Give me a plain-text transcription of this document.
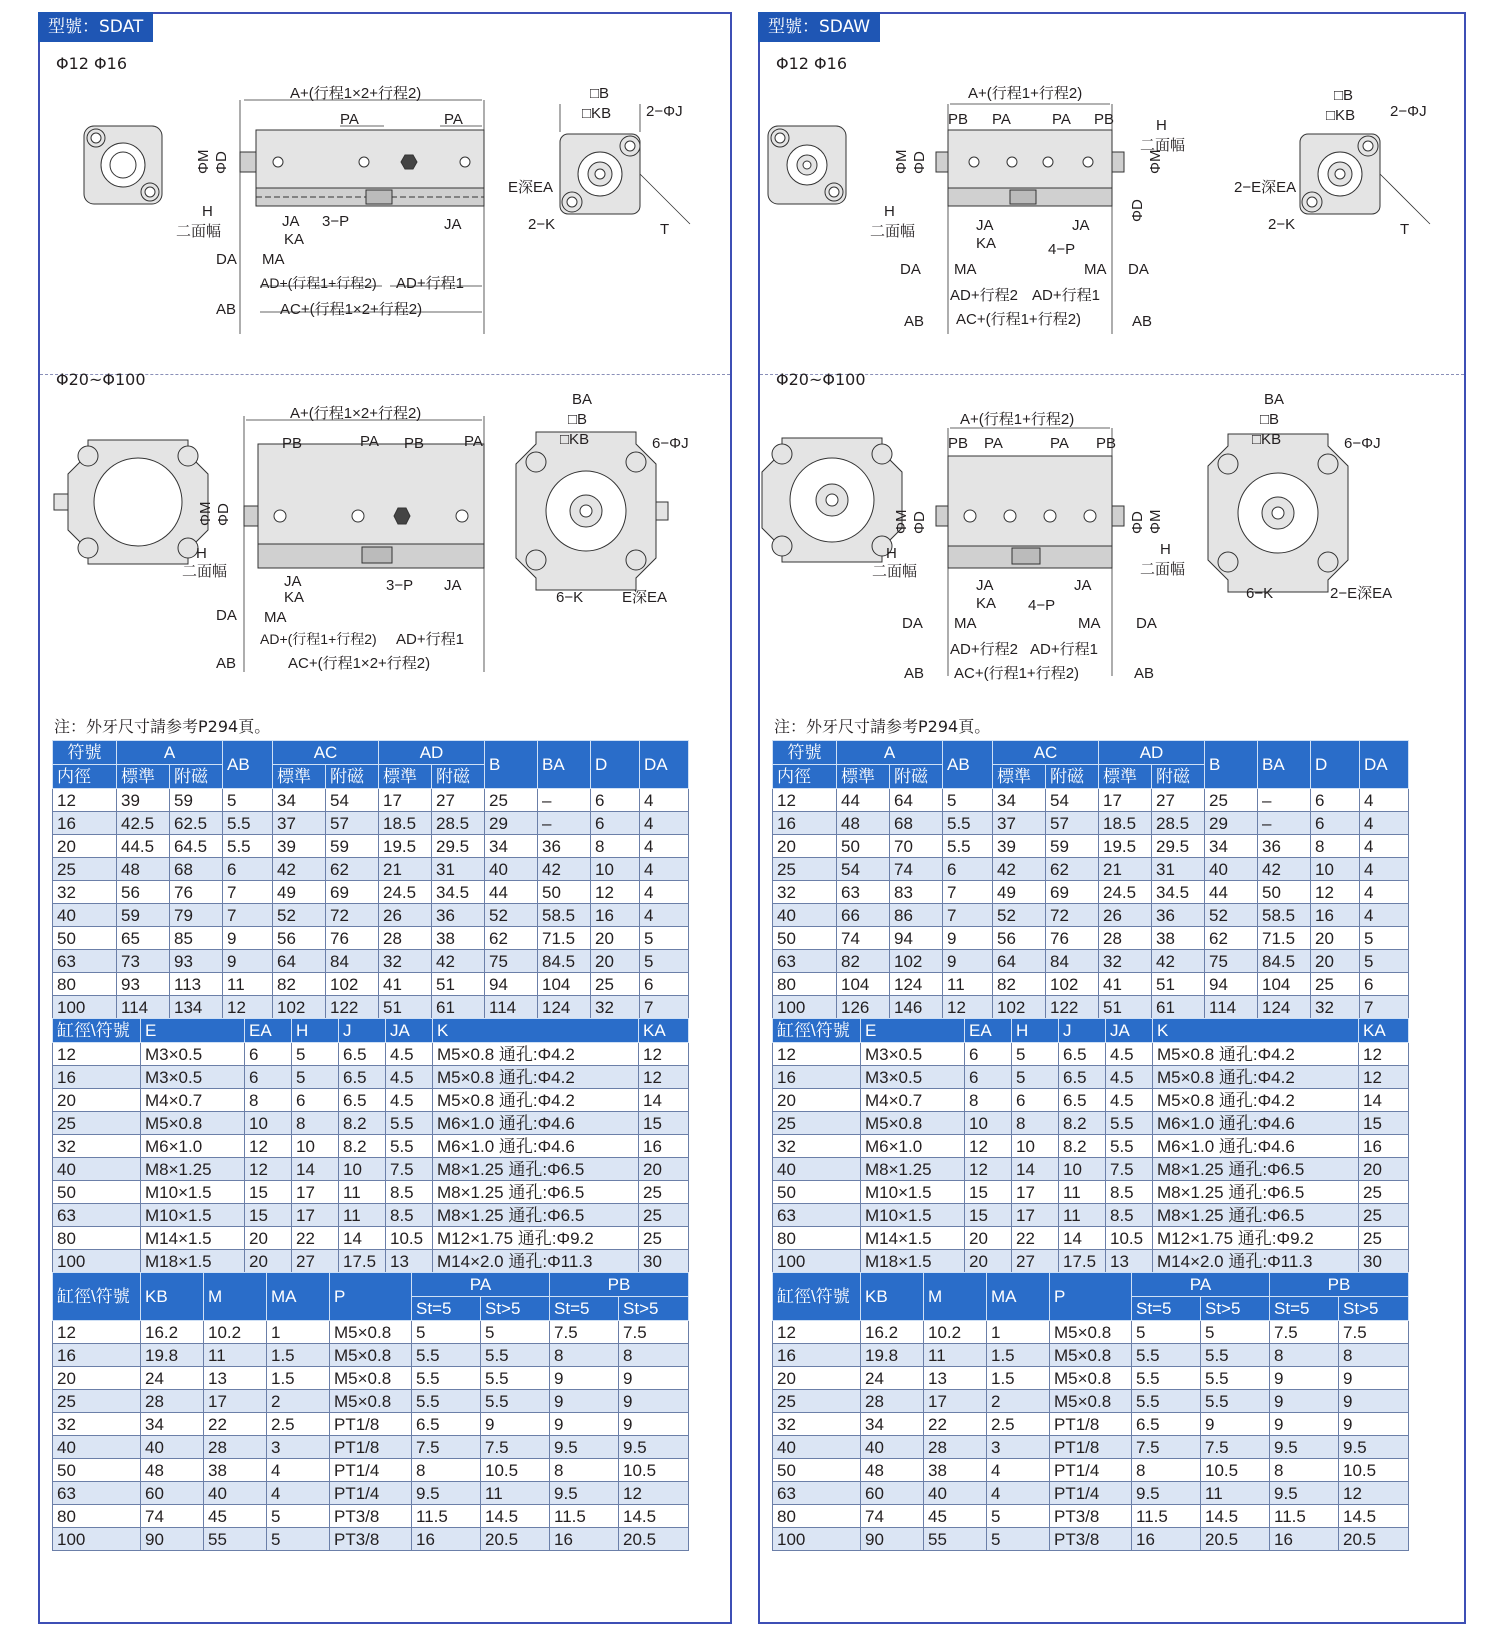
型號：SDAT
Φ12 Φ16
A+(行程1×2+行程2)
PA	PA
ΦM ΦD
H
二面幅
JA
KA
3−P	JA
DA MA
AD+(行程1+行程2) AD+行程1
AB	AC+(行程1×2+行程2)
□B
□KB 2−ΦJ
E深EA
2−K	T
Φ20~Φ100
A+(行程1×2+行程2)
PB	PA PB	PA
ΦM ΦD
H
二面幅
JA
KA
3−P JA
DA MA
AD+(行程1+行程2) AD+行程1
AB	AC+(行程1×2+行程2)
BA
□B
□KB	6−ΦJ
6−K	E深EA
注：外牙尺寸請参考P294頁。
符號	A		AB	AC		AD		B	BA	D	DA
内徑	標準	附磁		標準	附磁	標準	附磁				
12	39	59	5	34	54	17	27	25	–	6	4
16	42.5	62.5	5.5	37	57	18.5	28.5	29	–	6	4
20	44.5	64.5	5.5	39	59	19.5	29.5	34	36	8	4
25	48	68	6	42	62	21	31	40	42	10	4
32	56	76	7	49	69	24.5	34.5	44	50	12	4
40	59	79	7	52	72	26	36	52	58.5	16	4
50	65	85	9	56	76	28	38	62	71.5	20	5
63	73	93	9	64	84	32	42	75	84.5	20	5
80	93	113	11	82	102	41	51	94	104	25	6
100	114	134	12	102	122	51	61	114	124	32	7
缸徑\符號	E	EA	H	J	JA	K	KA
12	M3×0.5	6	5	6.5	4.5	M5×0.8 通孔:Φ4.2	12
16	M3×0.5	6	5	6.5	4.5	M5×0.8 通孔:Φ4.2	12
20	M4×0.7	8	6	6.5	4.5	M5×0.8 通孔:Φ4.2	14
25	M5×0.8	10	8	8.2	5.5	M6×1.0 通孔:Φ4.6	15
32	M6×1.0	12	10	8.2	5.5	M6×1.0 通孔:Φ4.6	16
40	M8×1.25	12	14	10	7.5	M8×1.25 通孔:Φ6.5	20
50	M10×1.5	15	17	11	8.5	M8×1.25 通孔:Φ6.5	25
63	M10×1.5	15	17	11	8.5	M8×1.25 通孔:Φ6.5	25
80	M14×1.5	20	22	14	10.5	M12×1.75 通孔:Φ9.2	25
100	M18×1.5	20	27	17.5	13	M14×2.0 通孔:Φ11.3	30
缸徑\符號	KB	M	MA	P	PA		PB	
					St=5	St>5	St=5	St>5
12	16.2	10.2	1	M5×0.8	5	5	7.5	7.5
16	19.8	11	1.5	M5×0.8	5.5	5.5	8	8
20	24	13	1.5	M5×0.8	5.5	5.5	9	9
25	28	17	2	M5×0.8	5.5	5.5	9	9
32	34	22	2.5	PT1/8	6.5	9	9	9
40	40	28	3	PT1/8	7.5	7.5	9.5	9.5
50	48	38	4	PT1/4	8	10.5	8	10.5
63	60	40	4	PT1/4	9.5	11	9.5	12
80	74	45	5	PT3/8	11.5	14.5	11.5	14.5
100	90	55	5	PT3/8	16	20.5	16	20.5
型號：SDAW
Φ12 Φ16
A+(行程1+行程2)
PB PA	PA PB	H
二面幅
ΦM ΦD
ΦD
ΦM
H
二面幅	JA
KA	4−P
JA
DA MA	MA DA
AD+行程2 AD+行程1
AB AC+(行程1+行程2)	AB
□B
□KB 2−ΦJ
2−E深EA
2−K	T
Φ20~Φ100
A+(行程1+行程2)
PB PA	PA PB
ΦM ΦD	ΦD ΦM
H
二面幅
H
二面幅
JA
KA 4−P
JA
DA MA	MA DA
AD+行程2 AD+行程1
AB AC+(行程1+行程2)	AB
BA
□B
□KB	6−ΦJ
6−K	2−E深EA
注：外牙尺寸請参考P294頁。
符號	A		AB	AC		AD		B	BA	D	DA
内徑	標準	附磁		標準	附磁	標準	附磁				
12	44	64	5	34	54	17	27	25	–	6	4
16	48	68	5.5	37	57	18.5	28.5	29	–	6	4
20	50	70	5.5	39	59	19.5	29.5	34	36	8	4
25	54	74	6	42	62	21	31	40	42	10	4
32	63	83	7	49	69	24.5	34.5	44	50	12	4
40	66	86	7	52	72	26	36	52	58.5	16	4
50	74	94	9	56	76	28	38	62	71.5	20	5
63	82	102	9	64	84	32	42	75	84.5	20	5
80	104	124	11	82	102	41	51	94	104	25	6
100	126	146	12	102	122	51	61	114	124	32	7
缸徑\符號	E	EA	H	J	JA	K	KA
12	M3×0.5	6	5	6.5	4.5	M5×0.8 通孔:Φ4.2	12
16	M3×0.5	6	5	6.5	4.5	M5×0.8 通孔:Φ4.2	12
20	M4×0.7	8	6	6.5	4.5	M5×0.8 通孔:Φ4.2	14
25	M5×0.8	10	8	8.2	5.5	M6×1.0 通孔:Φ4.6	15
32	M6×1.0	12	10	8.2	5.5	M6×1.0 通孔:Φ4.6	16
40	M8×1.25	12	14	10	7.5	M8×1.25 通孔:Φ6.5	20
50	M10×1.5	15	17	11	8.5	M8×1.25 通孔:Φ6.5	25
63	M10×1.5	15	17	11	8.5	M8×1.25 通孔:Φ6.5	25
80	M14×1.5	20	22	14	10.5	M12×1.75 通孔:Φ9.2	25
100	M18×1.5	20	27	17.5	13	M14×2.0 通孔:Φ11.3	30
缸徑\符號	KB	M	MA	P	PA		PB	
					St=5	St>5	St=5	St>5
12	16.2	10.2	1	M5×0.8	5	5	7.5	7.5
16	19.8	11	1.5	M5×0.8	5.5	5.5	8	8
20	24	13	1.5	M5×0.8	5.5	5.5	9	9
25	28	17	2	M5×0.8	5.5	5.5	9	9
32	34	22	2.5	PT1/8	6.5	9	9	9
40	40	28	3	PT1/8	7.5	7.5	9.5	9.5
50	48	38	4	PT1/4	8	10.5	8	10.5
63	60	40	4	PT1/4	9.5	11	9.5	12
80	74	45	5	PT3/8	11.5	14.5	11.5	14.5
100	90	55	5	PT3/8	16	20.5	16	20.5
